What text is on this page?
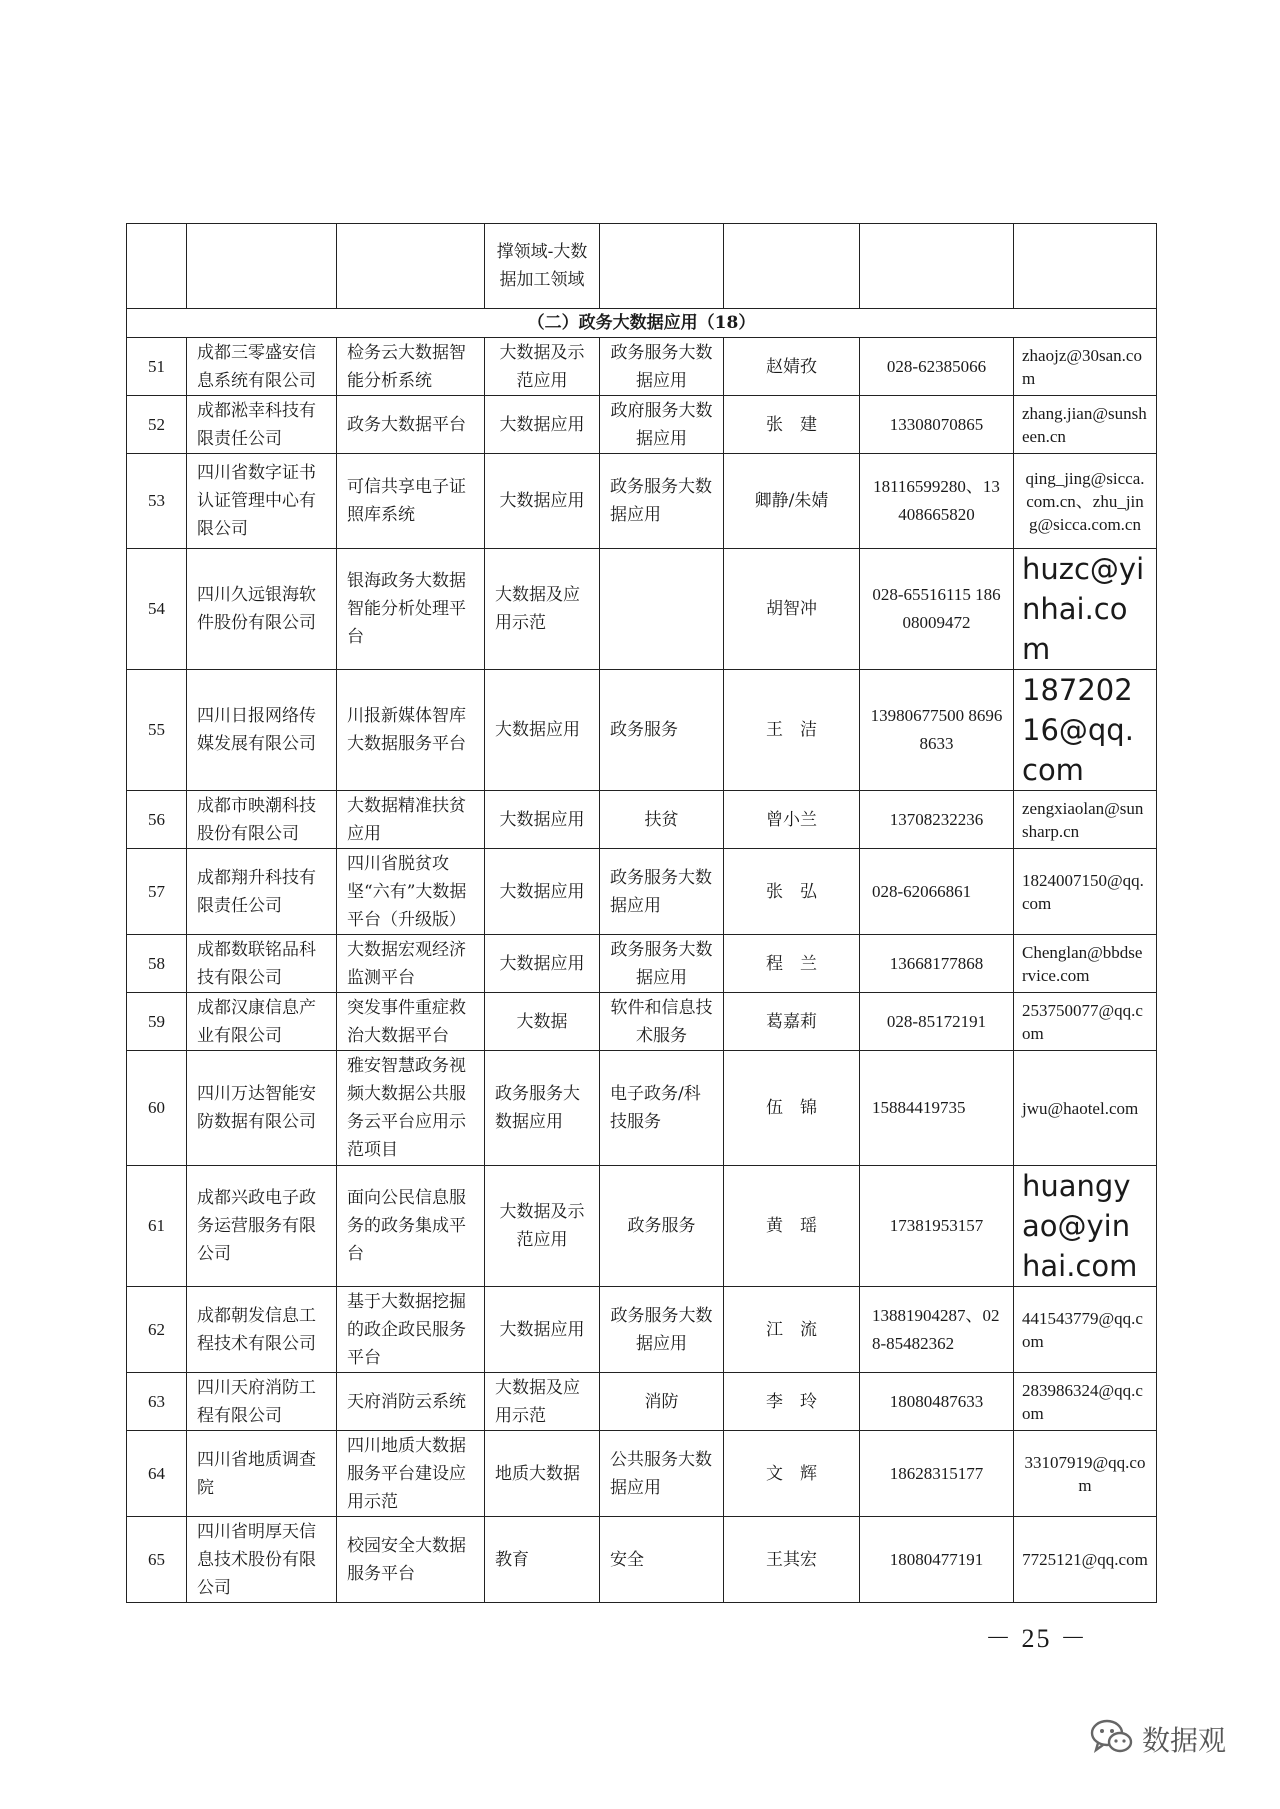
			撑领域-大数据加工领域				
（二）政务大数据应用（18）							
51	成都三零盛安信息系统有限公司	检务云大数据智能分析系统	大数据及示范应用	政务服务大数据应用	赵婧孜	028-62385066	zhaojz@30san.com
52	成都淞幸科技有限责任公司	政务大数据平台	大数据应用	政府服务大数据应用	张　建	13308070865	zhang.jian@sunsheen.cn
53	四川省数字证书认证管理中心有限公司	可信共享电子证照库系统	大数据应用	政务服务大数据应用	卿静/朱婧	18116599280、13408665820	qing_jing@sicca.com.cn、zhu_jing@sicca.com.cn
54	四川久远银海软件股份有限公司	银海政务大数据智能分析处理平台	大数据及应用示范		胡智冲	028-65516115 18608009472	huzc@yinhai.com
55	四川日报网络传媒发展有限公司	川报新媒体智库大数据服务平台	大数据应用	政务服务	王　洁	13980677500 86968633	18720216@qq.com
56	成都市映潮科技股份有限公司	大数据精准扶贫应用	大数据应用	扶贫	曾小兰	13708232236	zengxiaolan@sunsharp.cn
57	成都翔升科技有限责任公司	四川省脱贫攻坚“六有”大数据平台（升级版）	大数据应用	政务服务大数据应用	张　弘	028-62066861	1824007150@qq.com
58	成都数联铭品科技有限公司	大数据宏观经济监测平台	大数据应用	政务服务大数据应用	程　兰	13668177868	Chenglan@bbdservice.com
59	成都汉康信息产业有限公司	突发事件重症救治大数据平台	大数据	软件和信息技术服务	葛嘉莉	028-85172191	253750077@qq.com
60	四川万达智能安防数据有限公司	雅安智慧政务视频大数据公共服务云平台应用示范项目	政务服务大数据应用	电子政务/科技服务	伍　锦	15884419735	jwu@haotel.com
61	成都兴政电子政务运营服务有限公司	面向公民信息服务的政务集成平台	大数据及示范应用	政务服务	黄　瑶	17381953157	huangyao@yinhai.com
62	成都朝发信息工程技术有限公司	基于大数据挖掘的政企政民服务平台	大数据应用	政务服务大数据应用	江　流	13881904287、028-85482362	441543779@qq.com
63	四川天府消防工程有限公司	天府消防云系统	大数据及应用示范	消防	李　玲	18080487633	283986324@qq.com
64	四川省地质调查院	四川地质大数据服务平台建设应用示范	地质大数据	公共服务大数据应用	文　辉	18628315177	33107919@qq.com
65	四川省明厚天信息技术股份有限公司	校园安全大数据服务平台	教育	安全	王其宏	18080477191	7725121@qq.com
－ 25 －
数据观
